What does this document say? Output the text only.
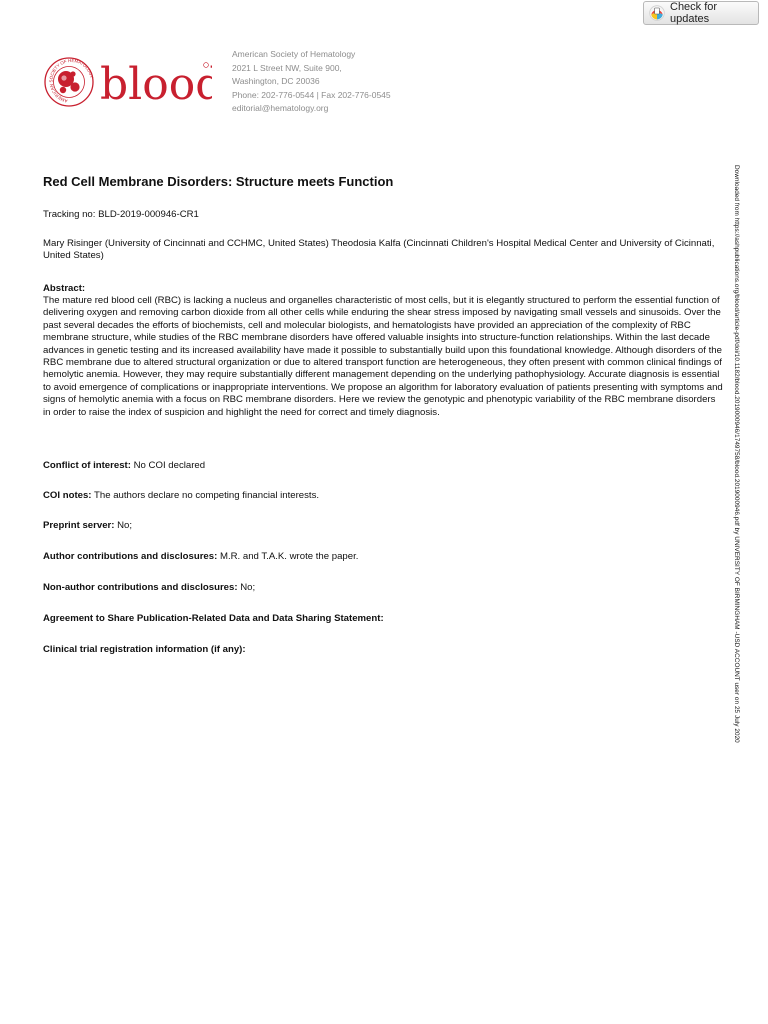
Check for updates
AMERICAN SOCIETY OF HEMATOLOGY blood
American Society of Hematology
2021 L Street NW, Suite 900,
Washington, DC 20036
Phone: 202-776-0544 | Fax 202-776-0545
editorial@hematology.org
Red Cell Membrane Disorders: Structure meets Function
Tracking no: BLD-2019-000946-CR1
Mary Risinger (University of Cincinnati and CCHMC, United States) Theodosia Kalfa (Cincinnati Children's Hospital Medical Center and University of Cicinnati, United States)
Abstract:
The mature red blood cell (RBC) is lacking a nucleus and organelles characteristic of most cells, but it is elegantly structured to perform the essential function of delivering oxygen and removing carbon dioxide from all other cells while enduring the shear stress imposed by navigating small vessels and sinusoids. Over the past several decades the efforts of biochemists, cell and molecular biologists, and hematologists have provided an appreciation of the complexity of RBC membrane structure, while studies of the RBC membrane disorders have offered valuable insights into structure-function relationships. Within the last decade advances in genetic testing and its increased availability have made it possible to substantially build upon this foundational knowledge. Although disorders of the RBC membrane due to altered structural organization or due to altered transport function are heterogeneous, they often present with common clinical findings of hemolytic anemia. However, they may require substantially different management depending on the underlying pathophysiology. Accurate diagnosis is essential to avoid emergence of complications or inappropriate interventions. We propose an algorithm for laboratory evaluation of patients presenting with symptoms and signs of hemolytic anemia with a focus on RBC membrane disorders. Here we review the genotypic and phenotypic variability of the RBC membrane disorders in order to raise the index of suspicion and highlight the need for correct and timely diagnosis.
Conflict of interest: No COI declared
COI notes: The authors declare no competing financial interests.
Preprint server: No;
Author contributions and disclosures: M.R. and T.A.K. wrote the paper.
Non-author contributions and disclosures: No;
Agreement to Share Publication-Related Data and Data Sharing Statement:
Clinical trial registration information (if any):	Downloaded from https://ashpublications.org/blood/article-pdf/doi/10.1182/blood.2019000946/1749758/blood.2019000946.pdf by UNIVERSITY OF BIRMINGHAM -USD ACCOUNT user on 25 July 2020
